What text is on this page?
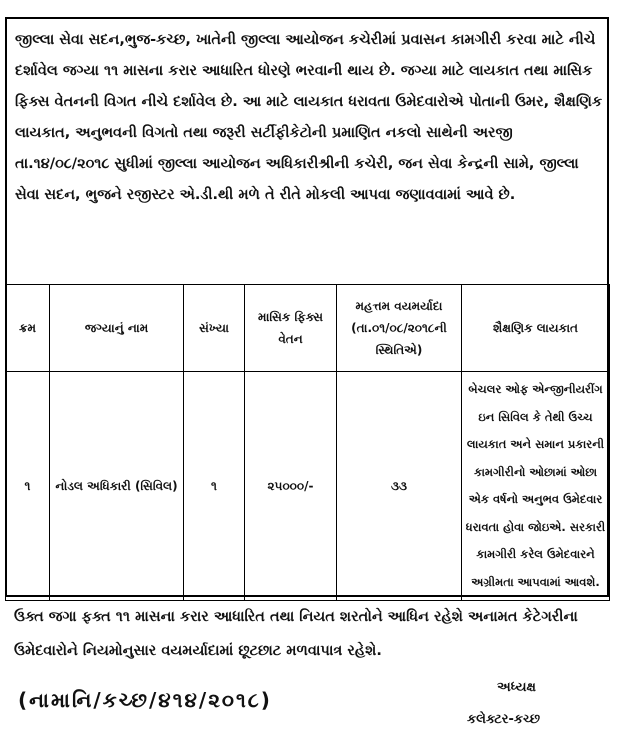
જીલ્લા સેવા સદન,ભુજ-કચ્છ, ખાતેની જીલ્લા આયોજન કચેરીમાં પ્રવાસન કામગીરી કરવા માટે નીચે દર્શાવેલ જગ્યા ૧૧ માસના કરાર આધારિત ધોરણે ભરવાની થાય છે. જગ્યા માટે લાયકાત તથા માસિક ફિક્સ વેતનની વિગત નીચે દર્શાવેલ છે. આ માટે લાયકાત ધરાવતા ઉમેદવારોએ પોતાની ઉમર, શૈક્ષણિક લાયકાત, અનુભવની વિગતો તથા જરૂરી સર્ટીફીકેટોની પ્રમાણિત નકલો સાથેની અરજી તા.૧૪/૦૮/૨૦૧૮ સુધીમાં જીલ્લા આયોજન અધિકારીશ્રીની કચેરી, જન સેવા કેન્દ્રની સામે, જીલ્લા સેવા સદન, ભુજને રજીસ્ટર એ.ડી.થી મળે તે રીતે મોકલી આપવા જણાવવામાં આવે છે.
ક્રમ	જગ્યાનું નામ	સંખ્યા	માસિક ફિક્સ વેતન	મહત્તમ વયમર્યાદા (તા.૦૧/૦૮/૨૦૧૮ની સ્થિતિએ)	શૈક્ષણિક લાયકાત
૧	નોડલ અધિકારી (સિવિલ)	૧	૨૫૦૦૦/-	૩૩	બેચલર ઓફ એન્જીનીયરીંગ ઇન સિવિલ કે તેથી ઉચ્ચ લાયકાત અને સમાન પ્રકારની કામગીરીનો ઓછામાં ઓછા એક વર્ષનો અનુભવ ઉમેદવાર ધરાવતા હોવા જોઇએ. સરકારી કામગીરી કરેલ ઉમેદવારને અગ્રીમતા આપવામાં આવશે.
ઉક્ત જગા ફક્ત ૧૧ માસના કરાર આધારિત તથા નિયત શરતોને આધિન રહેશે અનામત કેટેગરીના ઉમેદવારોને નિયમોનુસાર વયમર્યાદામાં છૂટછાટ મળવાપાત્ર રહેશે.
(નામાનિ/કચ્છ/૪૧૪/૨૦૧૮)
અધ્યક્ષ
કલેક્ટર-કચ્છ
